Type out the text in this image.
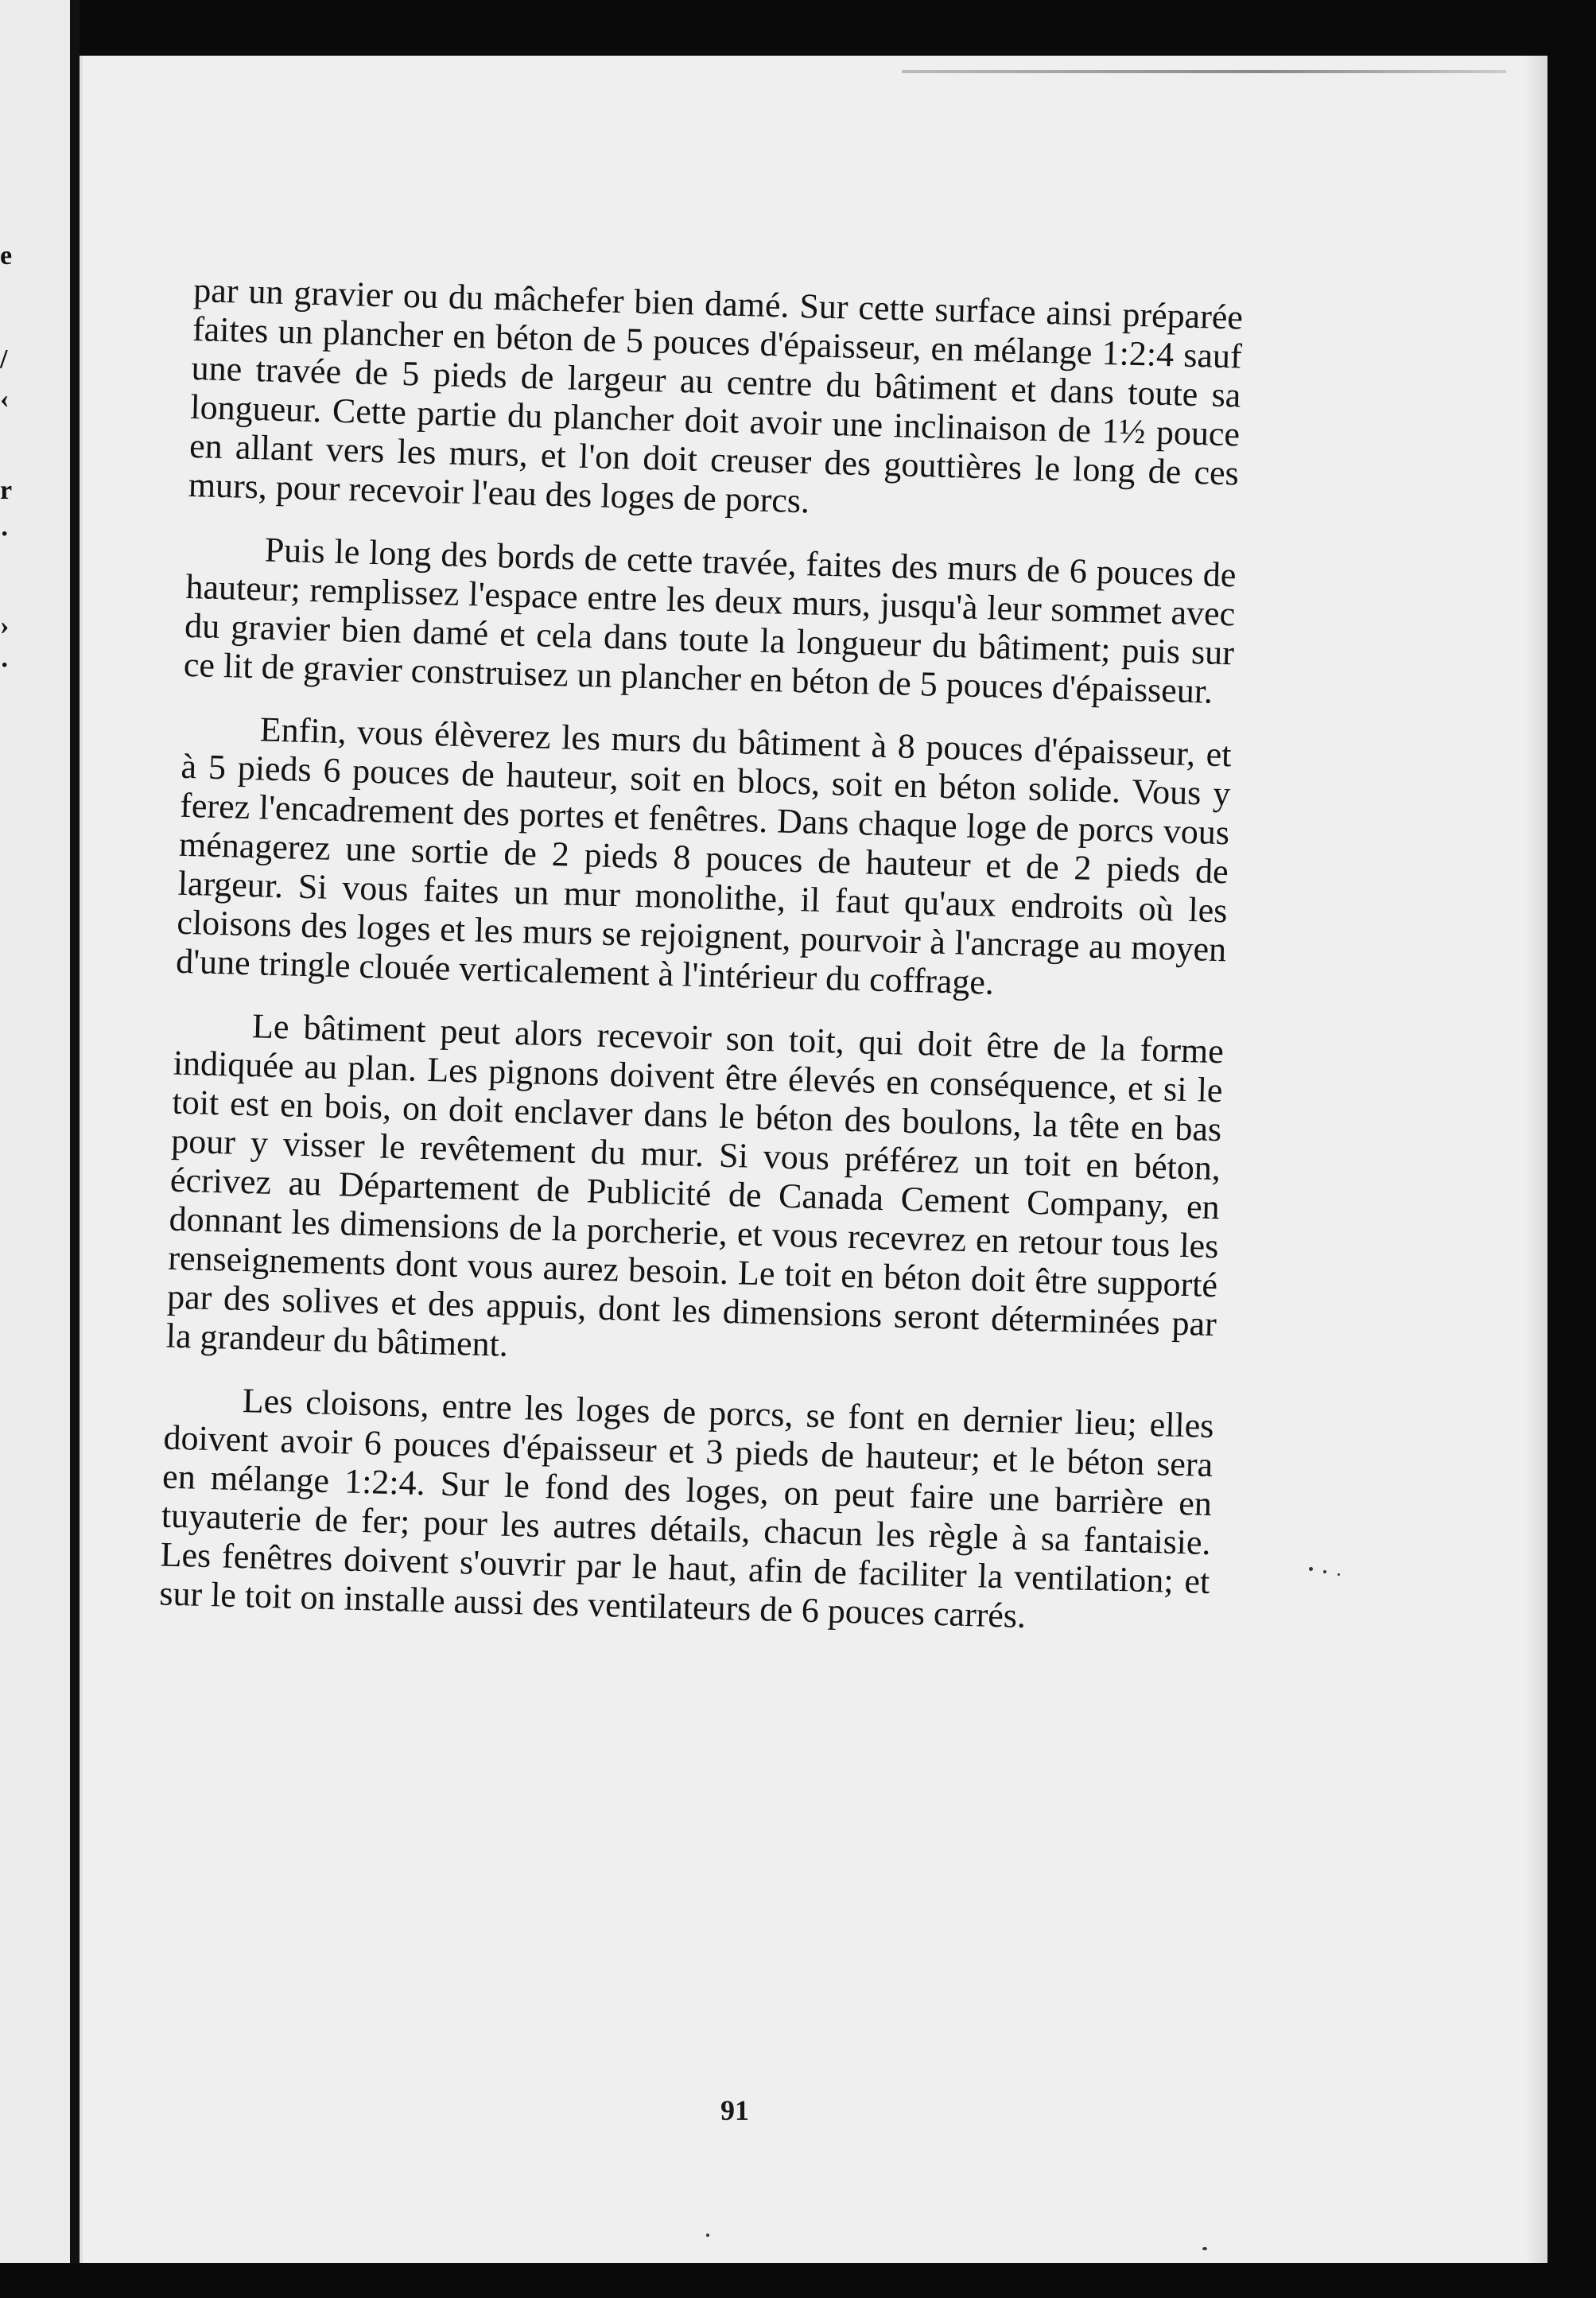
e
/
‹
r
·
›
·

par un gravier ou du mâchefer bien damé. Sur cette surface ainsi préparée faites un plancher en béton de 5 pouces d'épaisseur, en mélange 1:2:4 sauf une travée de 5 pieds de largeur au centre du bâtiment et dans toute sa longueur. Cette partie du plancher doit avoir une inclinaison de 1½ pouce en allant vers les murs, et l'on doit creuser des gouttières le long de ces murs, pour recevoir l'eau des loges de porcs.

Puis le long des bords de cette travée, faites des murs de 6 pouces de hauteur; remplissez l'espace entre les deux murs, jusqu'à leur sommet avec du gravier bien damé et cela dans toute la longueur du bâtiment; puis sur ce lit de gravier construisez un plancher en béton de 5 pouces d'épaisseur.

Enfin, vous élèverez les murs du bâtiment à 8 pouces d'épaisseur, et à 5 pieds 6 pouces de hauteur, soit en blocs, soit en béton solide. Vous y ferez l'encadrement des portes et fenêtres. Dans chaque loge de porcs vous ménagerez une sortie de 2 pieds 8 pouces de hauteur et de 2 pieds de largeur. Si vous faites un mur monolithe, il faut qu'aux endroits où les cloisons des loges et les murs se rejoignent, pourvoir à l'ancrage au moyen d'une tringle clouée verticalement à l'intérieur du coffrage.

Le bâtiment peut alors recevoir son toit, qui doit être de la forme indiquée au plan. Les pignons doivent être élevés en conséquence, et si le toit est en bois, on doit enclaver dans le béton des boulons, la tête en bas pour y visser le revêtement du mur. Si vous préférez un toit en béton, écrivez au Département de Publicité de Canada Cement Company, en donnant les dimensions de la porcherie, et vous recevrez en retour tous les renseignements dont vous aurez besoin. Le toit en béton doit être supporté par des solives et des appuis, dont les dimensions seront déterminées par la grandeur du bâtiment.

Les cloisons, entre les loges de porcs, se font en dernier lieu; elles doivent avoir 6 pouces d'épaisseur et 3 pieds de hauteur; et le béton sera en mélange 1:2:4. Sur le fond des loges, on peut faire une barrière en tuyauterie de fer; pour les autres détails, chacun les règle à sa fantaisie. Les fenêtres doivent s'ouvrir par le haut, afin de faciliter la ventilation; et sur le toit on installe aussi des ventilateurs de 6 pouces carrés.

91
